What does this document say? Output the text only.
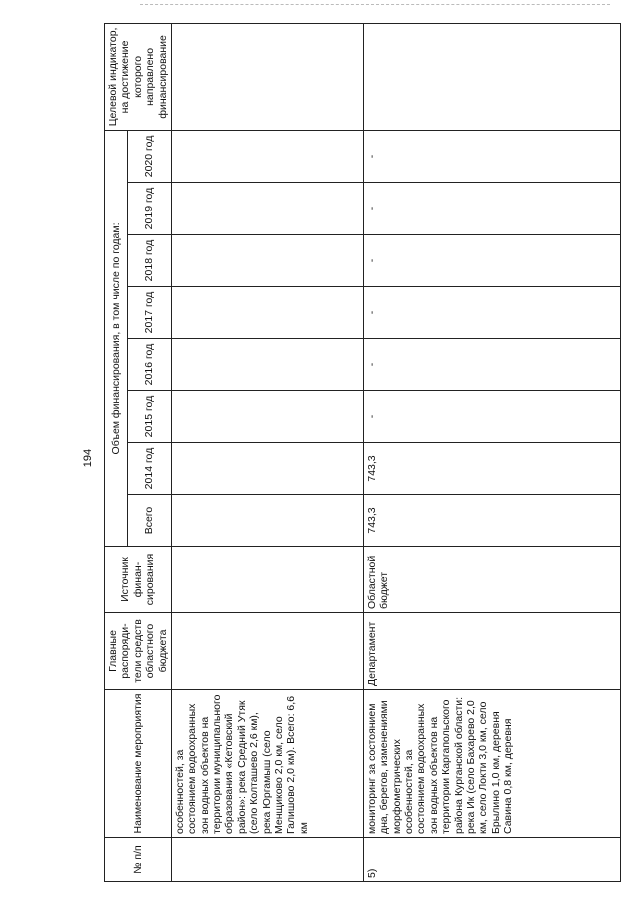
194
№ п/п	Наименование мероприятия	Главные распоряди-тели средств областного бюджета	Источник финан-сирования	Объем финансирования, в том числе по годам:								Целевой индикатор, на достижение которого направлено финансирование
				Всего	2014 год	2015 год	2016 год	2017 год	2018 год	2019 год	2020 год	
	особенностей, за состоянием водоохранных зон водных объектов на территории муниципального образования «Кетовский район»: река Средний Утяк (село Колташево 2,6 км), река Юргамыш (село Менщиково 2,0 км, село Галишово 2,0 км). Всего: 6,6 км											
5)	мониторинг за состоянием дна, берегов, изменениями морфометрических особенностей, за состоянием водоохранных зон водных объектов на территории Каргапольского района Курганской области: река Ик (село Бахарево 2,0 км, село Локти 3,0 км, село Брылино 1,0 км, деревня Савина 0,8 км, деревня	Департамент	Областной бюджет	743,3	743,3	-	-	-	-	-	-	
